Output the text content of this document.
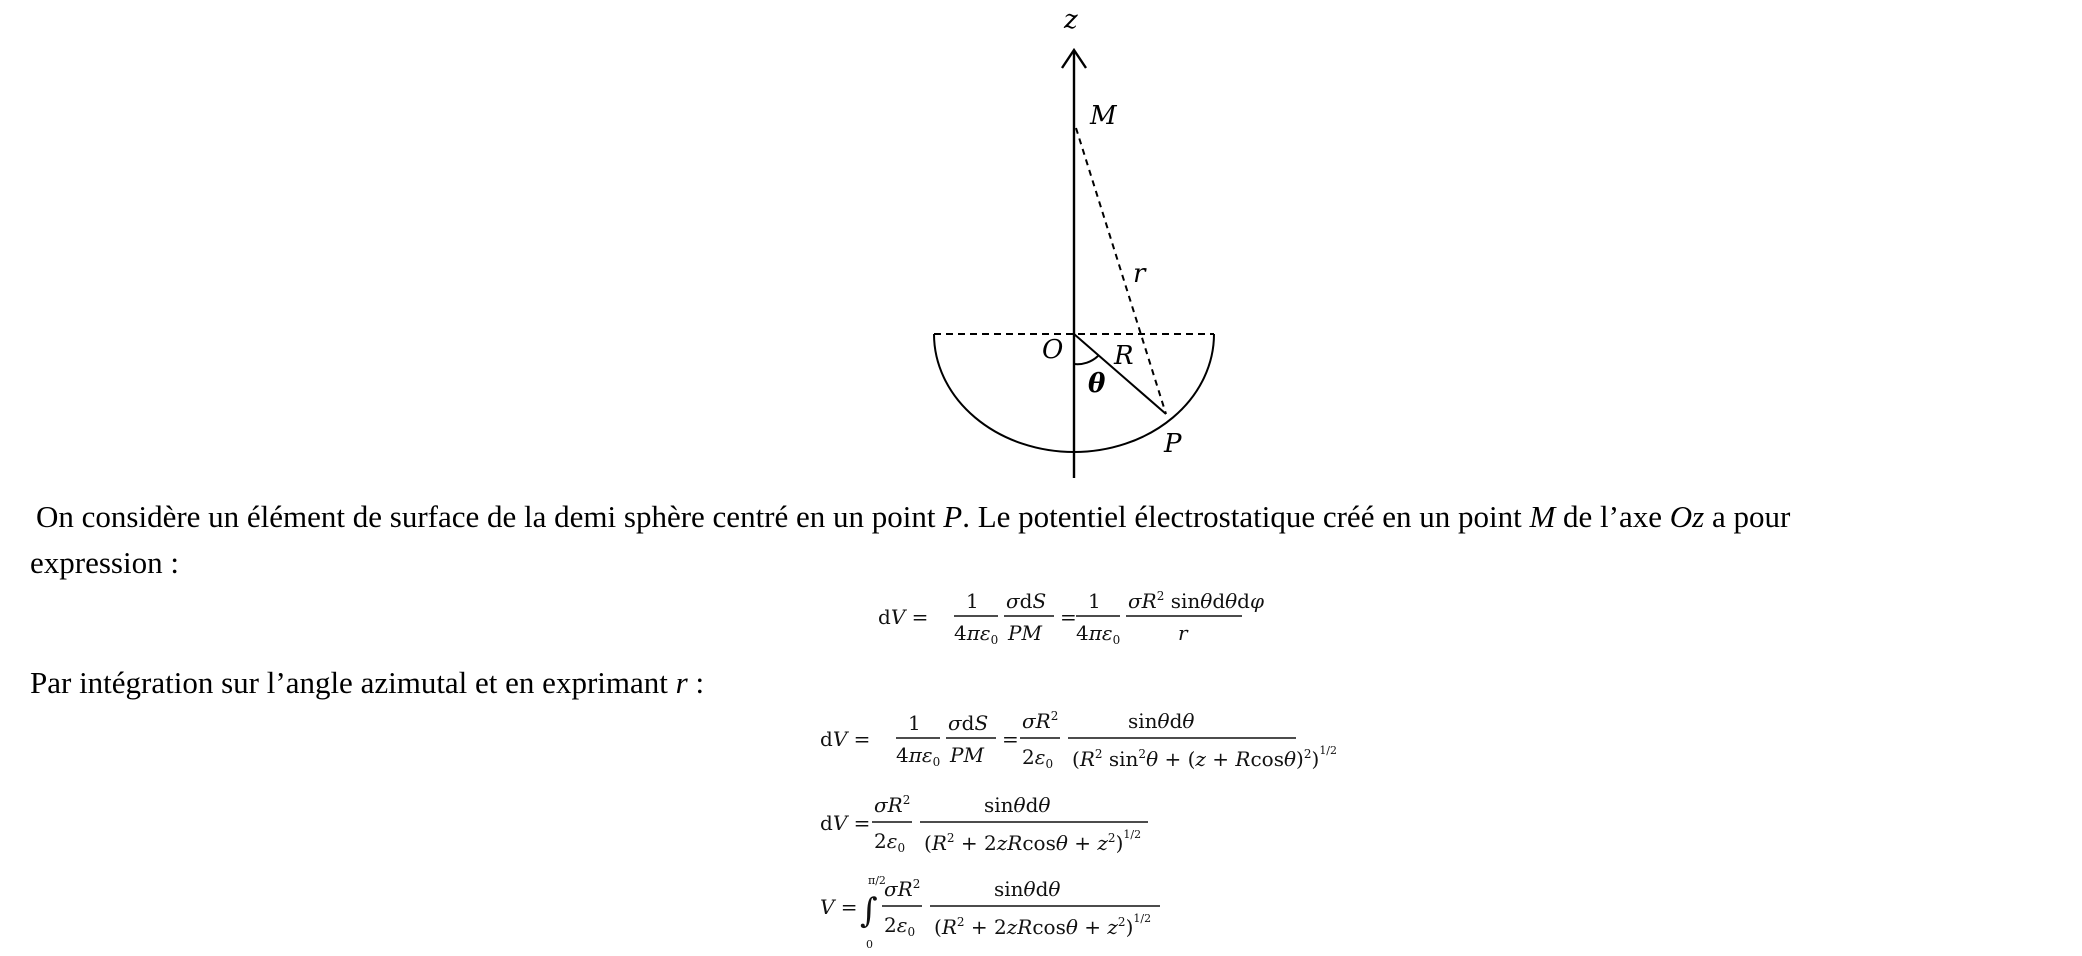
z
M
r
O R
θ
P
On considère un élément de surface de la demi sphère centré en un point P. Le potentiel électrostatique créé en un point M de l’axe Oz a pour
expression :
dV =
1
$4\pi\varepsilon_0$
σdS
PM
=
1
$4\pi\varepsilon_0$
$\sigma R^2$ sinθdθdφ
r
Par intégration sur l’angle azimutal et en exprimant r :
dV =
1
$4\pi\varepsilon_0$
σdS
PM
=
$\sigma R^2$
$2\varepsilon_0$
sinθdθ
($R^2$ $\sin^2\theta + (z + Rcos\theta)^2)^{1/2}$
dV =
$\sigma R^2$
$2\varepsilon_0$
sinθdθ
$(R^2 + 2zRcos\theta + z^2)^{1/2}$
V = ∫
π/2
0
$\sigma R^2$
$2\varepsilon_0$
sinθdθ
$(R^2 + 2zRcos\theta + z^2)^{1/2}$
